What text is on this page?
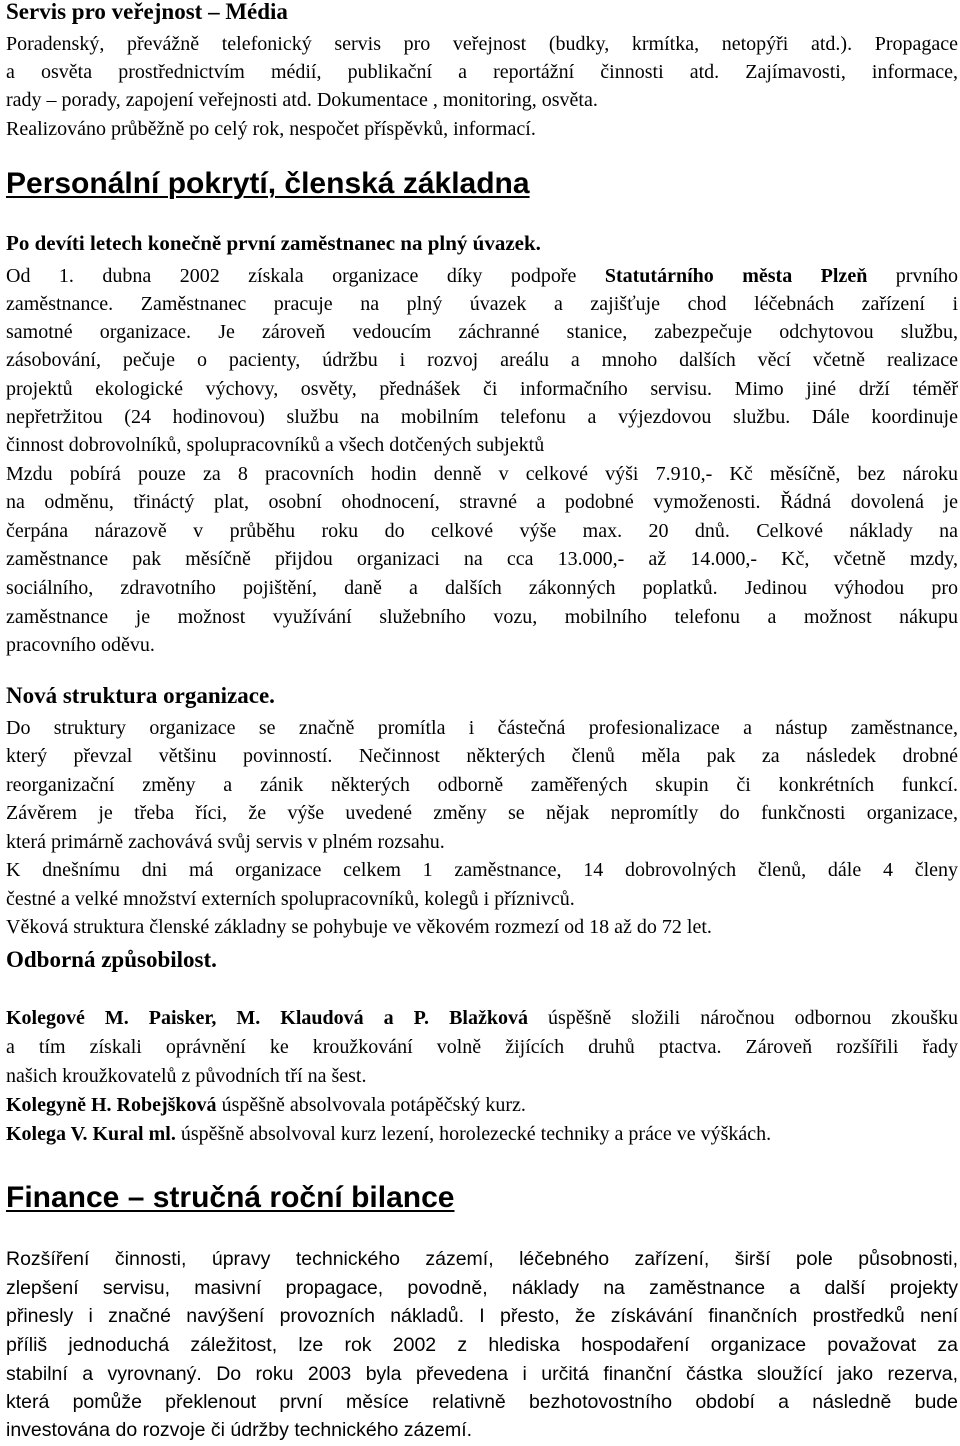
Servis pro veřejnost – Média
Poradenský, převážně telefonický servis pro veřejnost (budky, krmítka, netopýři atd.). Propagace
a osvěta prostřednictvím médií, publikační a reportážní činnosti atd. Zajímavosti, informace,
rady – porady, zapojení veřejnosti atd. Dokumentace , monitoring, osvěta.
Realizováno průběžně po celý rok, nespočet příspěvků, informací.
Personální pokrytí, členská základna
Po devíti letech konečně první zaměstnanec na plný úvazek.
Od 1. dubna 2002 získala organizace díky podpoře Statutárního města Plzeň prvního
zaměstnance. Zaměstnanec pracuje na plný úvazek a zajišťuje chod léčebnách zařízení i
samotné organizace. Je zároveň vedoucím záchranné stanice, zabezpečuje odchytovou službu,
zásobování, pečuje o pacienty, údržbu i rozvoj areálu a mnoho dalších věcí včetně realizace
projektů ekologické výchovy, osvěty, přednášek či informačního servisu. Mimo jiné drží téměř
nepřetržitou (24 hodinovou) službu na mobilním telefonu a výjezdovou službu. Dále koordinuje
činnost dobrovolníků, spolupracovníků a všech dotčených subjektů
Mzdu pobírá pouze za 8 pracovních hodin denně v celkové výši 7.910,- Kč měsíčně, bez nároku
na odměnu, třináctý plat, osobní ohodnocení, stravné a podobné vymoženosti. Řádná dovolená je
čerpána nárazově v průběhu roku do celkové výše max. 20 dnů. Celkové náklady na
zaměstnance pak měsíčně přijdou organizaci na cca 13.000,- až 14.000,- Kč, včetně mzdy,
sociálního, zdravotního pojištění, daně a dalších zákonných poplatků. Jedinou výhodou pro
zaměstnance je možnost využívání služebního vozu, mobilního telefonu a možnost nákupu
pracovního oděvu.
Nová struktura organizace.
Do struktury organizace se značně promítla i částečná profesionalizace a nástup zaměstnance,
který převzal většinu povinností. Nečinnost některých členů měla pak za následek drobné
reorganizační změny a zánik některých odborně zaměřených skupin či konkrétních funkcí.
Závěrem je třeba říci, že výše uvedené změny se nějak nepromítly do funkčnosti organizace,
která primárně zachovává svůj servis v plném rozsahu.
K dnešnímu dni má organizace celkem 1 zaměstnance, 14 dobrovolných členů, dále 4 členy
čestné a velké množství externích spolupracovníků, kolegů i příznivců.
Věková struktura členské základny se pohybuje ve věkovém rozmezí od 18 až do 72 let.
Odborná způsobilost.
Kolegové M. Paisker, M. Klaudová a P. Blažková úspěšně složili náročnou odbornou zkoušku
a tím získali oprávnění ke kroužkování volně žijících druhů ptactva. Zároveň rozšířili řady
našich kroužkovatelů z původních tří na šest.
Kolegyně H. Robejšková úspěšně absolvovala potápěčský kurz.
Kolega V. Kural ml. úspěšně absolvoval kurz lezení, horolezecké techniky a práce ve výškách.
Finance – stručná roční bilance
Rozšíření činnosti, úpravy technického zázemí, léčebného zařízení, širší pole působnosti,
zlepšení servisu, masivní propagace, povodně, náklady na zaměstnance a další projekty
přinesly i značné navýšení provozních nákladů. I přesto, že získávání finančních prostředků není
příliš jednoduchá záležitost, lze rok 2002 z hlediska hospodaření organizace považovat za
stabilní a vyrovnaný. Do roku 2003 byla převedena i určitá finanční částka sloužící jako rezerva,
která pomůže překlenout první měsíce relativně bezhotovostního období a následně bude
investována do rozvoje či údržby technického zázemí.
